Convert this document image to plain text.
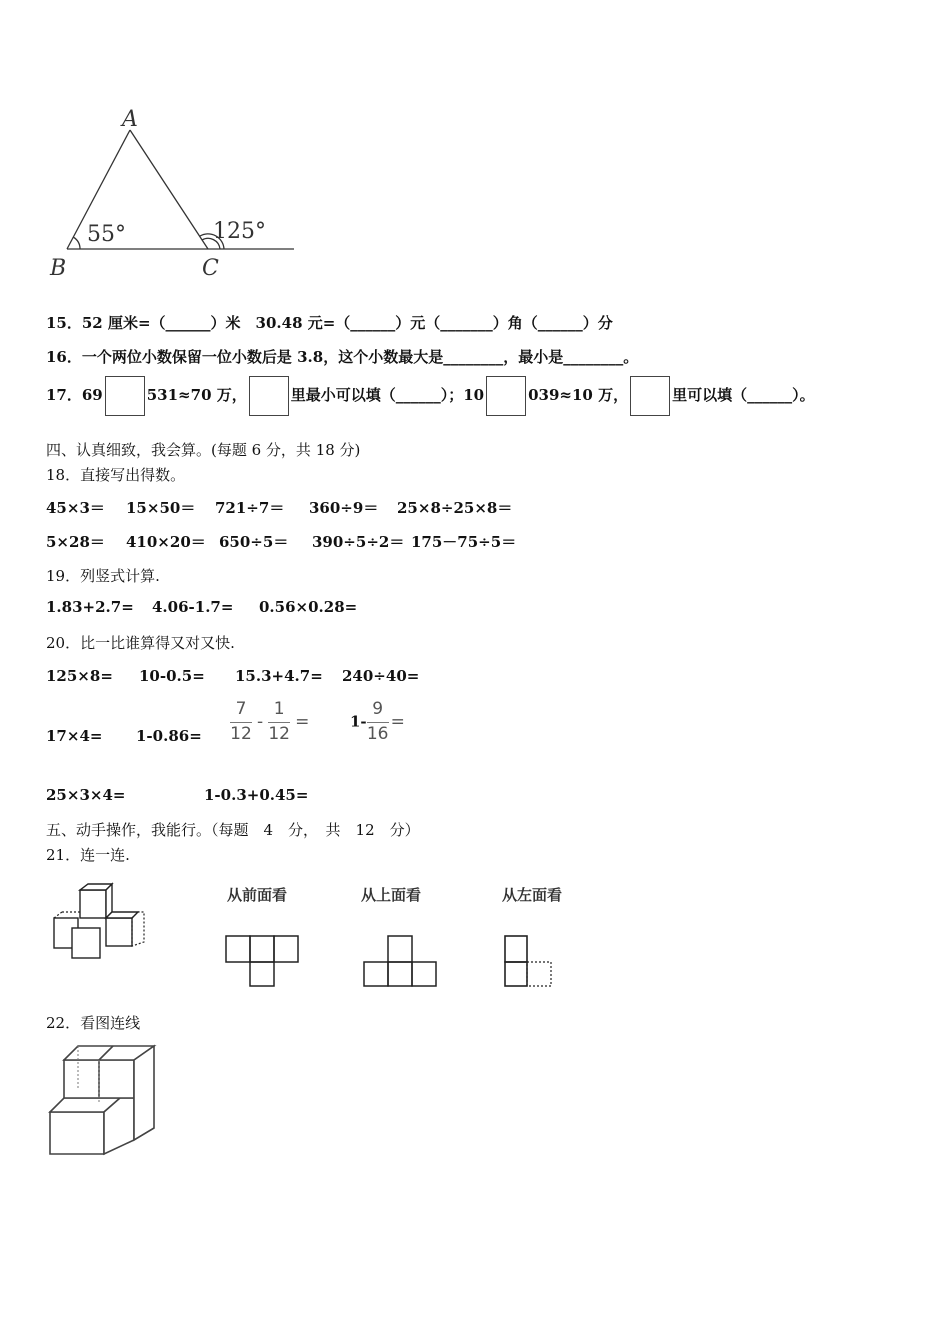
A
B	C
55°	125°
15．52 厘米=（______）米　30.48 元=（______）元（_______）角（______）分
16．一个两位小数保留一位小数后是 3.8，这个小数最大是________，最小是________。
17．69	531≈70 万，	里最小可以填（______）；10	039≈10 万，	里可以填（______）。
四、认真细致，我会算。(每题 6 分，共 18 分)
18．直接写出得数。
45×3＝ 15×50＝ 721÷7＝ 360÷9＝ 25×8÷25×8＝
5×28＝ 410×20＝ 650÷5＝ 390÷5÷2＝ 175－75÷5＝
19．列竖式计算.
1.83+2.7= 4.06-1.7= 0.56×0.28=
20．比一比谁算得又对又快.
125×8= 10-0.5= 15.3+4.7= 240÷40=
$17\times 4= 1-0.86= \frac{7}{12} - \frac{1}{12}$ =	$1- \frac{9}{16}$ =
25×3×4=	1-0.3+0.45=
五、动手操作，我能行。（每题　4　分，　共　12　分）
21．连一连.
从前面看	从上面看	从左面看
22．看图连线
